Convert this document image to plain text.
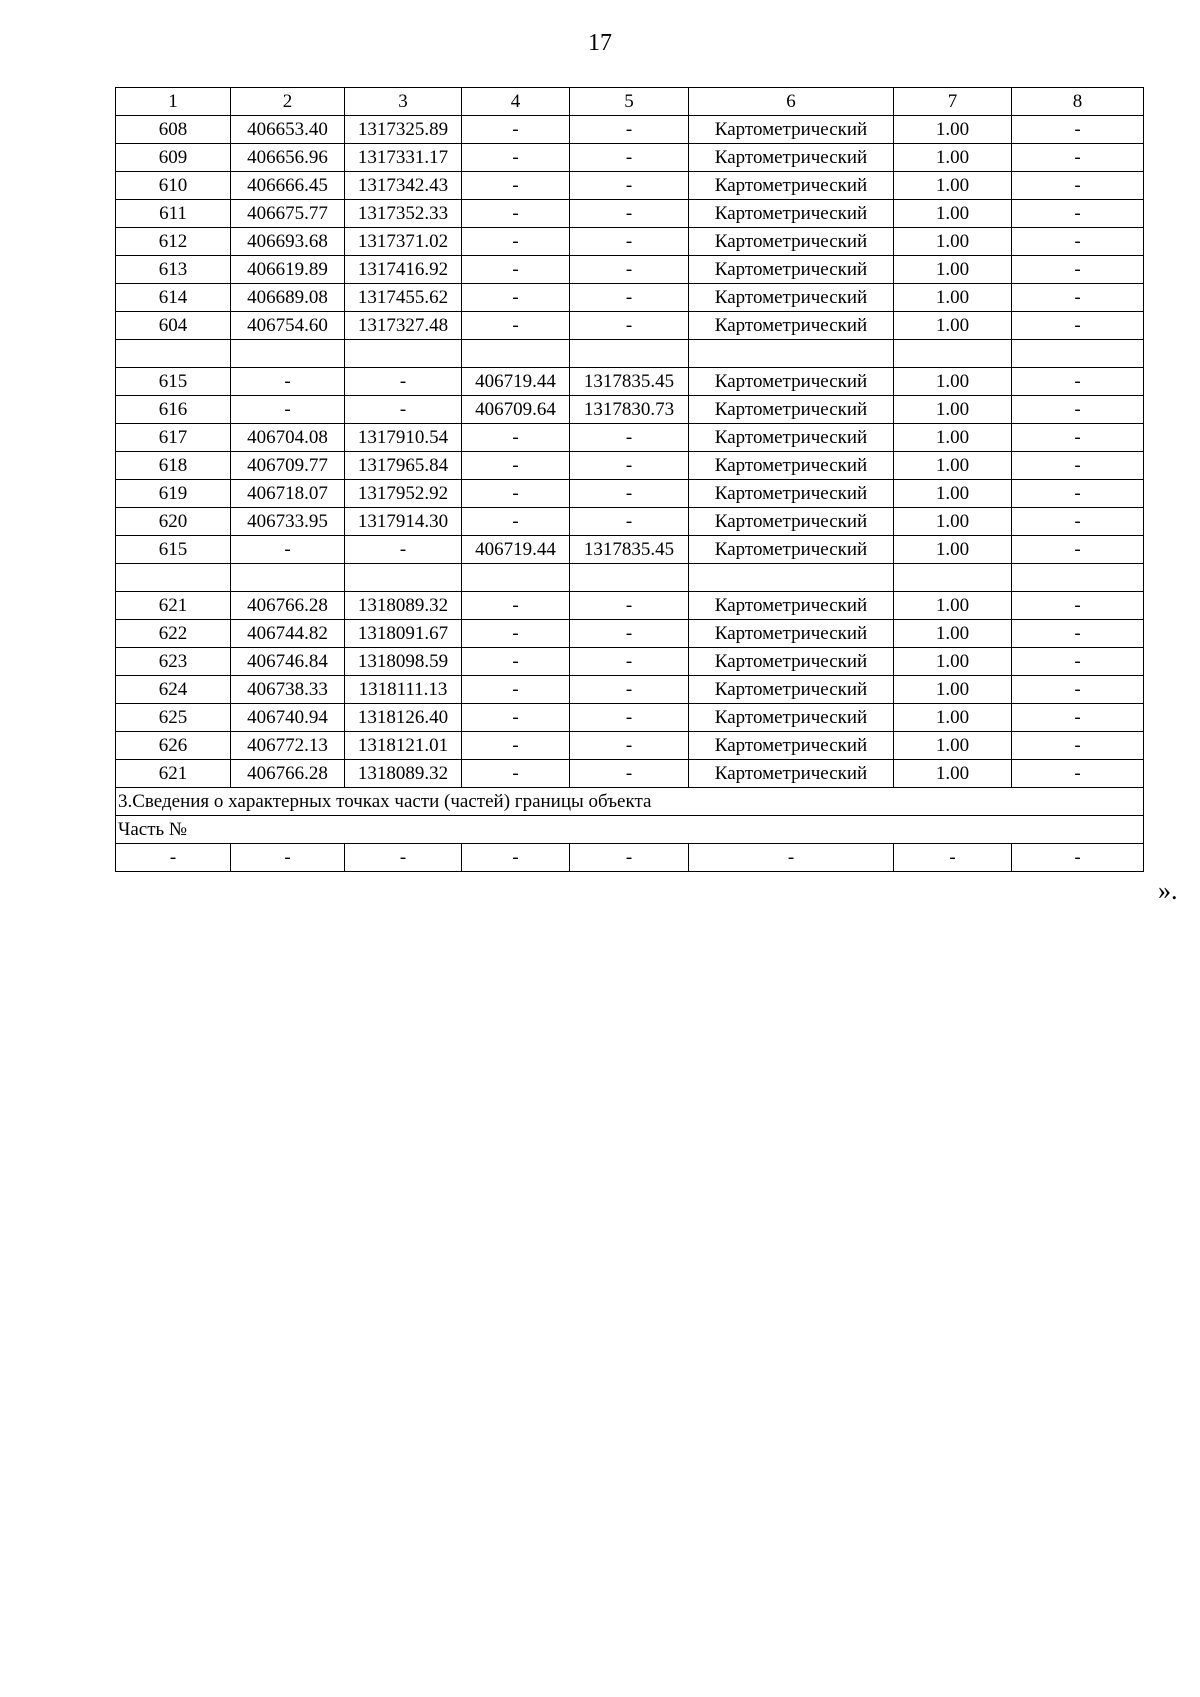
17
1	2	3	4	5	6	7	8
608	406653.40	1317325.89	-	-	Картометрический	1.00	-
609	406656.96	1317331.17	-	-	Картометрический	1.00	-
610	406666.45	1317342.43	-	-	Картометрический	1.00	-
611	406675.77	1317352.33	-	-	Картометрический	1.00	-
612	406693.68	1317371.02	-	-	Картометрический	1.00	-
613	406619.89	1317416.92	-	-	Картометрический	1.00	-
614	406689.08	1317455.62	-	-	Картометрический	1.00	-
604	406754.60	1317327.48	-	-	Картометрический	1.00	-

615	-	-	406719.44	1317835.45	Картометрический	1.00	-
616	-	-	406709.64	1317830.73	Картометрический	1.00	-
617	406704.08	1317910.54	-	-	Картометрический	1.00	-
618	406709.77	1317965.84	-	-	Картометрический	1.00	-
619	406718.07	1317952.92	-	-	Картометрический	1.00	-
620	406733.95	1317914.30	-	-	Картометрический	1.00	-
615	-	-	406719.44	1317835.45	Картометрический	1.00	-

621	406766.28	1318089.32	-	-	Картометрический	1.00	-
622	406744.82	1318091.67	-	-	Картометрический	1.00	-
623	406746.84	1318098.59	-	-	Картометрический	1.00	-
624	406738.33	1318111.13	-	-	Картометрический	1.00	-
625	406740.94	1318126.40	-	-	Картометрический	1.00	-
626	406772.13	1318121.01	-	-	Картометрический	1.00	-
621	406766.28	1318089.32	-	-	Картометрический	1.00	-
3.Сведения о характерных точках части (частей) границы объекта							
Часть №							
-	-	-	-	-	-	-	-
».
